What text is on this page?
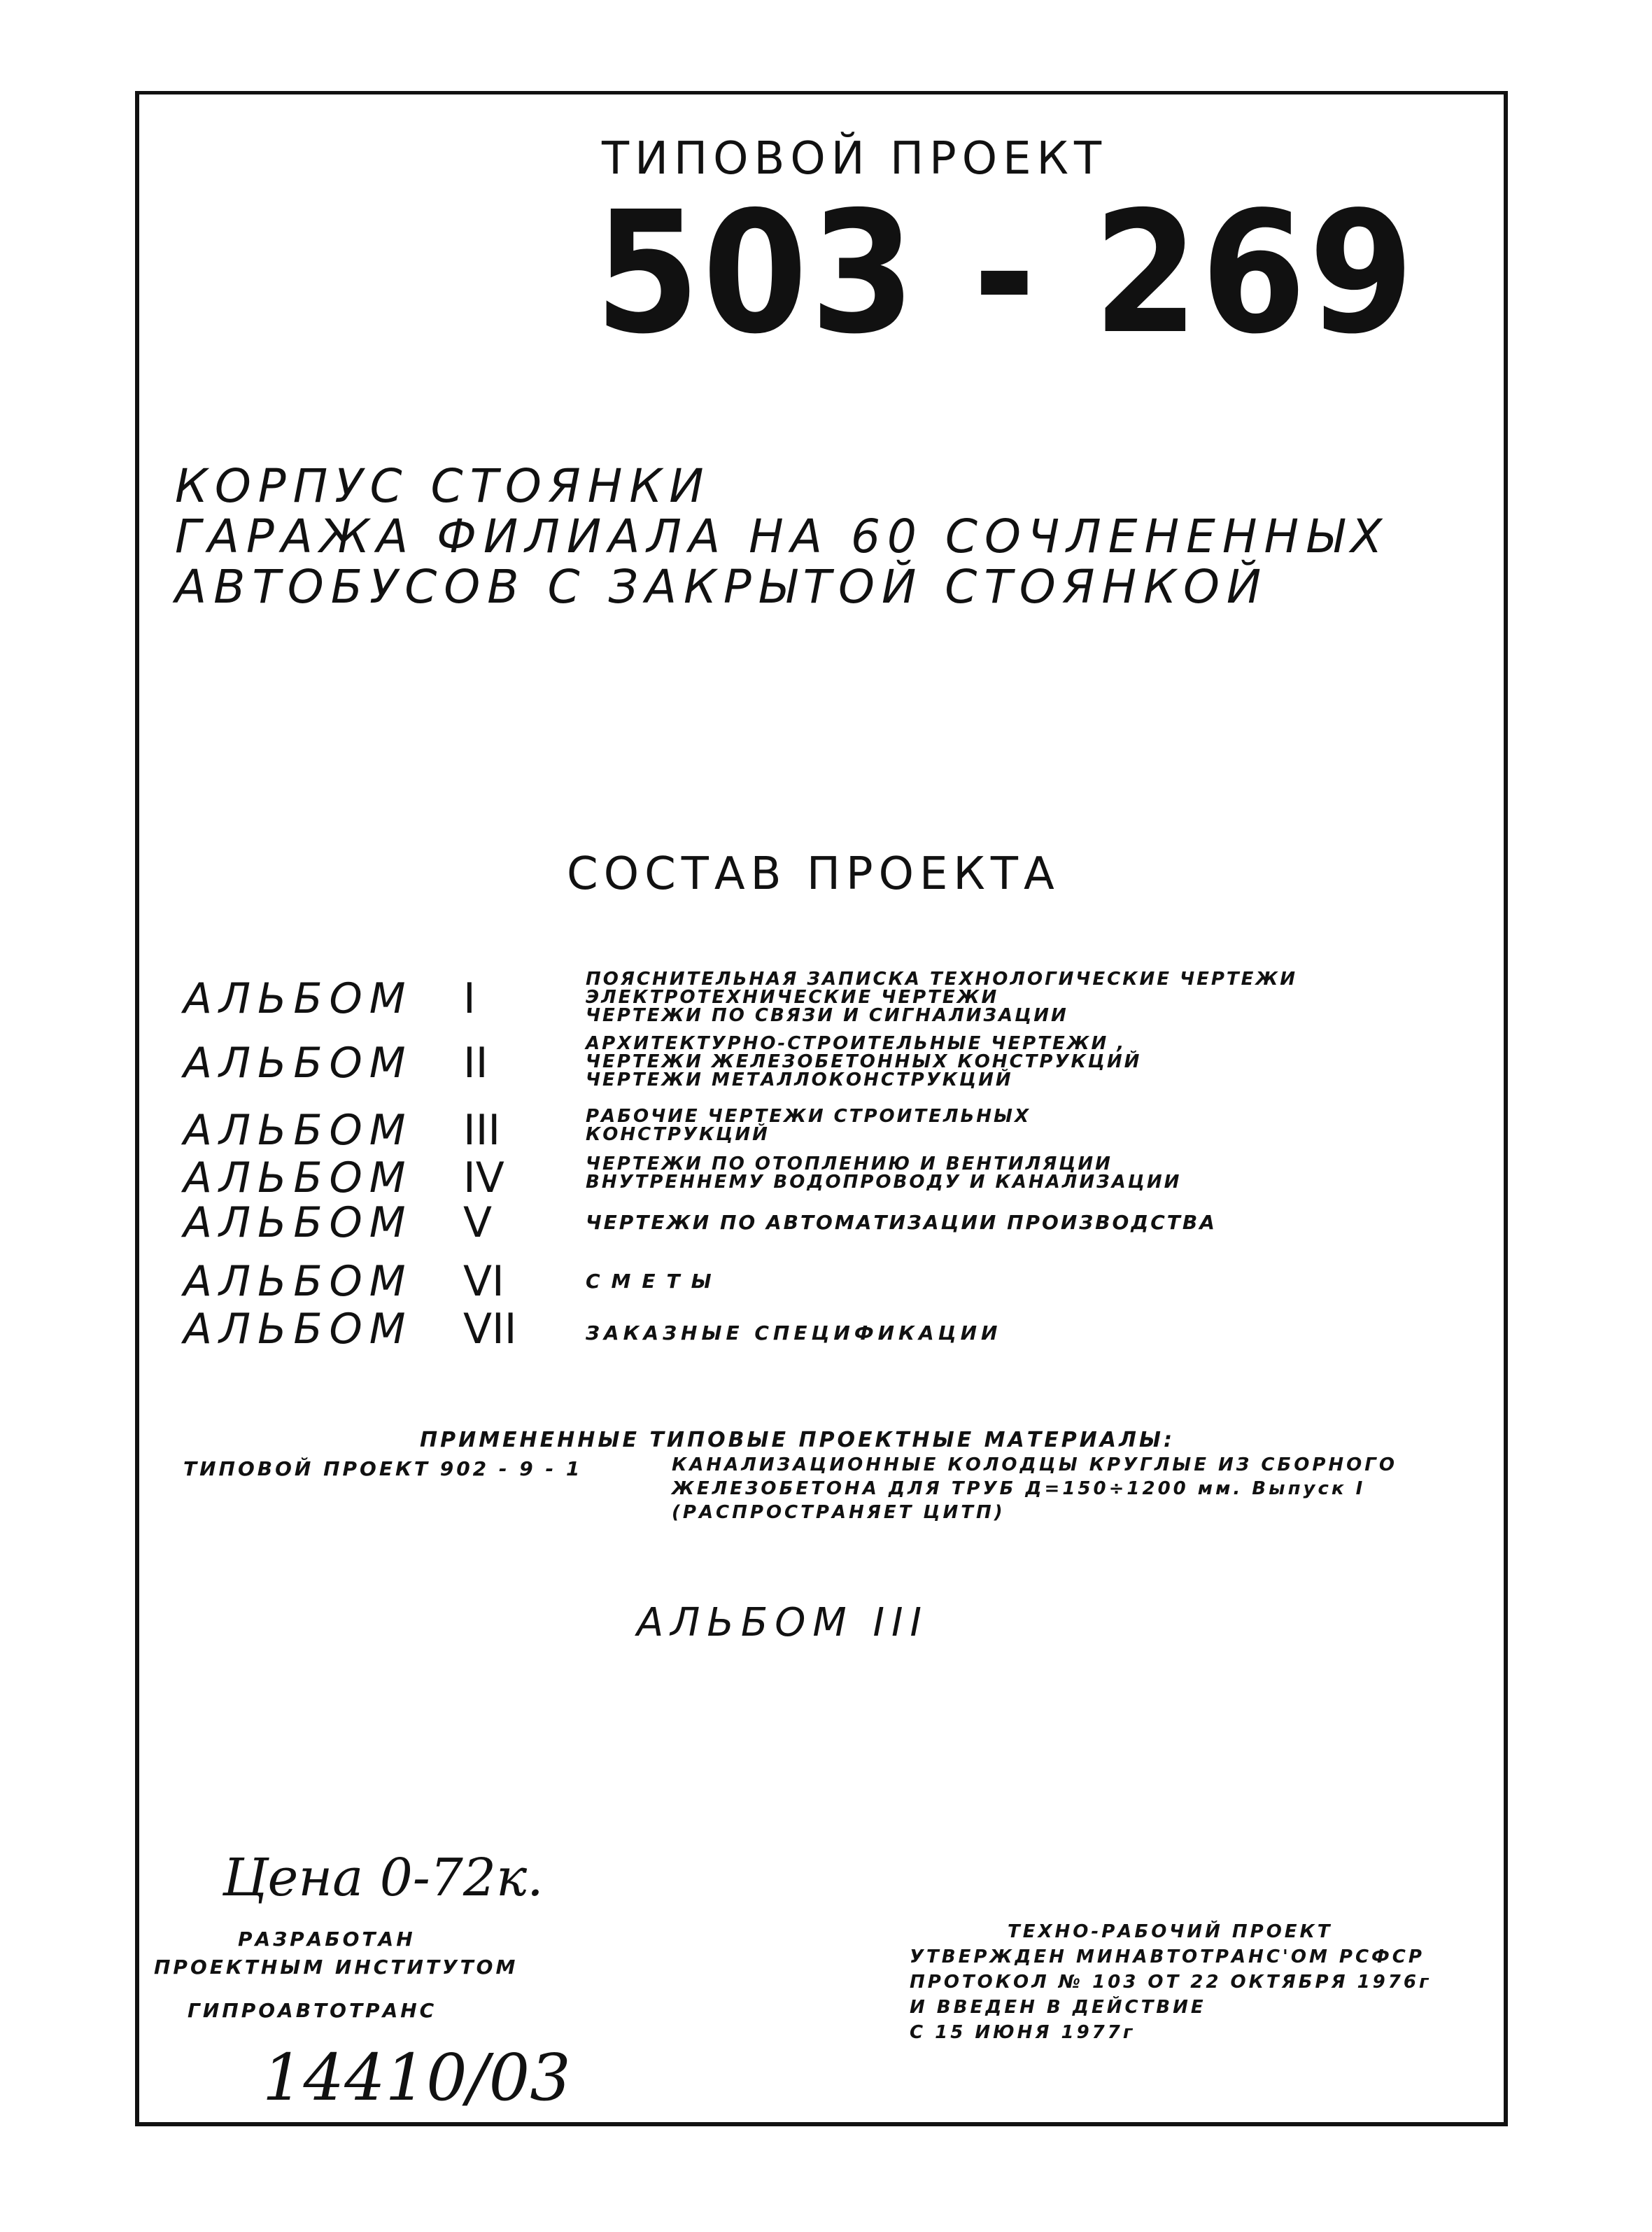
ТИПОВОЙ ПРОЕКТ
503 - 269
КОРПУС СТОЯНКИ
ГАРАЖА ФИЛИАЛА НА 60 СОЧЛЕНЕННЫХ
АВТОБУСОВ С ЗАКРЫТОЙ СТОЯНКОЙ
СОСТАВ ПРОЕКТА
АЛЬБОМ I	ПОЯСНИТЕЛЬНАЯ ЗАПИСКА ТЕХНОЛОГИЧЕСКИЕ ЧЕРТЕЖИ
ЭЛЕКТРОТЕХНИЧЕСКИЕ ЧЕРТЕЖИ
ЧЕРТЕЖИ ПО СВЯЗИ И СИГНАЛИЗАЦИИ
АЛЬБОМ II	АРХИТЕКТУРНО-СТРОИТЕЛЬНЫЕ ЧЕРТЕЖИ ,
ЧЕРТЕЖИ ЖЕЛЕЗОБЕТОННЫХ КОНСТРУКЦИЙ
ЧЕРТЕЖИ МЕТАЛЛОКОНСТРУКЦИЙ
АЛЬБОМ III	РАБОЧИЕ ЧЕРТЕЖИ СТРОИТЕЛЬНЫХ
КОНСТРУКЦИЙ
АЛЬБОМ IV	ЧЕРТЕЖИ ПО ОТОПЛЕНИЮ И ВЕНТИЛЯЦИИ
ВНУТРЕННЕМУ ВОДОПРОВОДУ И КАНАЛИЗАЦИИ
АЛЬБОМ V	ЧЕРТЕЖИ ПО АВТОМАТИЗАЦИИ ПРОИЗВОДСТВА
АЛЬБОМ VI	СМЕТЫ
АЛЬБОМ VII	ЗАКАЗНЫЕ СПЕЦИФИКАЦИИ
ПРИМЕНЕННЫЕ ТИПОВЫЕ ПРОЕКТНЫЕ МАТЕРИАЛЫ:
ТИПОВОЙ ПРОЕКТ 902 - 9 - 1	КАНАЛИЗАЦИОННЫЕ КОЛОДЦЫ КРУГЛЫЕ ИЗ СБОРНОГО
ЖЕЛЕЗОБЕТОНА ДЛЯ ТРУБ Д=150÷1200 мм. Выпуск I
(РАСПРОСТРАНЯЕТ ЦИТП)
АЛЬБОМ III
Цена 0-72к.
РАЗРАБОТАН
ПРОЕКТНЫМ ИНСТИТУТОМ
ГИПРОАВТОТРАНС
14410/03
ТЕХНО-РАБОЧИЙ ПРОЕКТ
УТВЕРЖДЕН МИНАВТОТРАНС'ОМ РСФСР
ПРОТОКОЛ № 103 ОТ 22 ОКТЯБРЯ 1976г
И ВВЕДЕН В ДЕЙСТВИЕ
С 15 ИЮНЯ 1977г
